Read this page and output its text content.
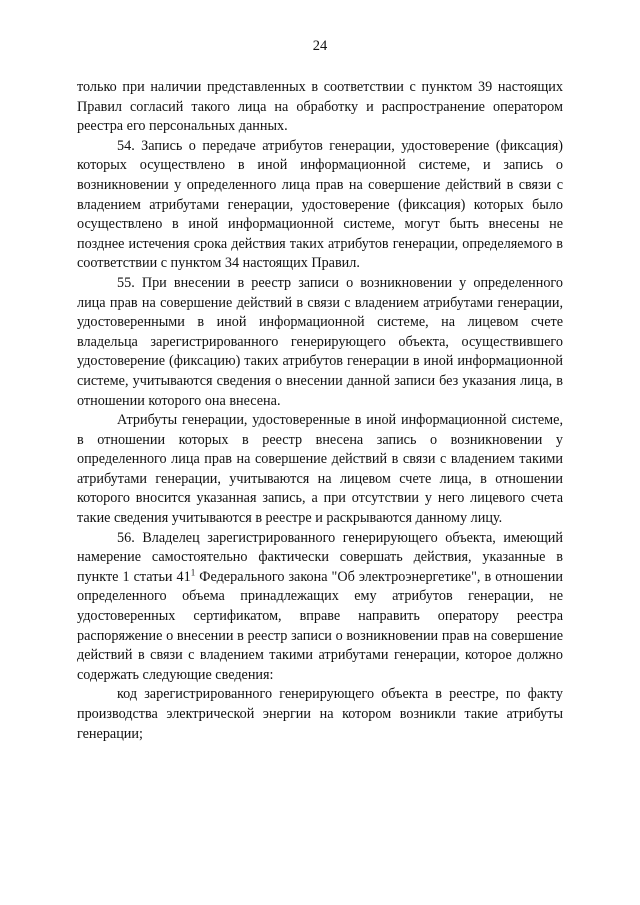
24

только при наличии представленных в соответствии с пунктом 39 настоящих Правил согласий такого лица на обработку и распространение оператором реестра его персональных данных.

54. Запись о передаче атрибутов генерации, удостоверение (фиксация) которых осуществлено в иной информационной системе, и запись о возникновении у определенного лица прав на совершение действий в связи с владением атрибутами генерации, удостоверение (фиксация) которых было осуществлено в иной информационной системе, могут быть внесены не позднее истечения срока действия таких атрибутов генерации, определяемого в соответствии с пунктом 34 настоящих Правил.

55. При внесении в реестр записи о возникновении у определенного лица прав на совершение действий в связи с владением атрибутами генерации, удостоверенными в иной информационной системе, на лицевом счете владельца зарегистрированного генерирующего объекта, осуществившего удостоверение (фиксацию) таких атрибутов генерации в иной информационной системе, учитываются сведения о внесении данной записи без указания лица, в отношении которого она внесена.

Атрибуты генерации, удостоверенные в иной информационной системе, в отношении которых в реестр внесена запись о возникновении у определенного лица прав на совершение действий в связи с владением такими атрибутами генерации, учитываются на лицевом счете лица, в отношении которого вносится указанная запись, а при отсутствии у него лицевого счета такие сведения учитываются в реестре и раскрываются данному лицу.

56. Владелец зарегистрированного генерирующего объекта, имеющий намерение самостоятельно фактически совершать действия, указанные в пункте 1 статьи $41^1$ Федерального закона "Об электроэнергетике", в отношении определенного объема принадлежащих ему атрибутов генерации, не удостоверенных сертификатом, вправе направить оператору реестра распоряжение о внесении в реестр записи о возникновении прав на совершение действий в связи с владением такими атрибутами генерации, которое должно содержать следующие сведения:

код зарегистрированного генерирующего объекта в реестре, по факту производства электрической энергии на котором возникли такие атрибуты генерации;
